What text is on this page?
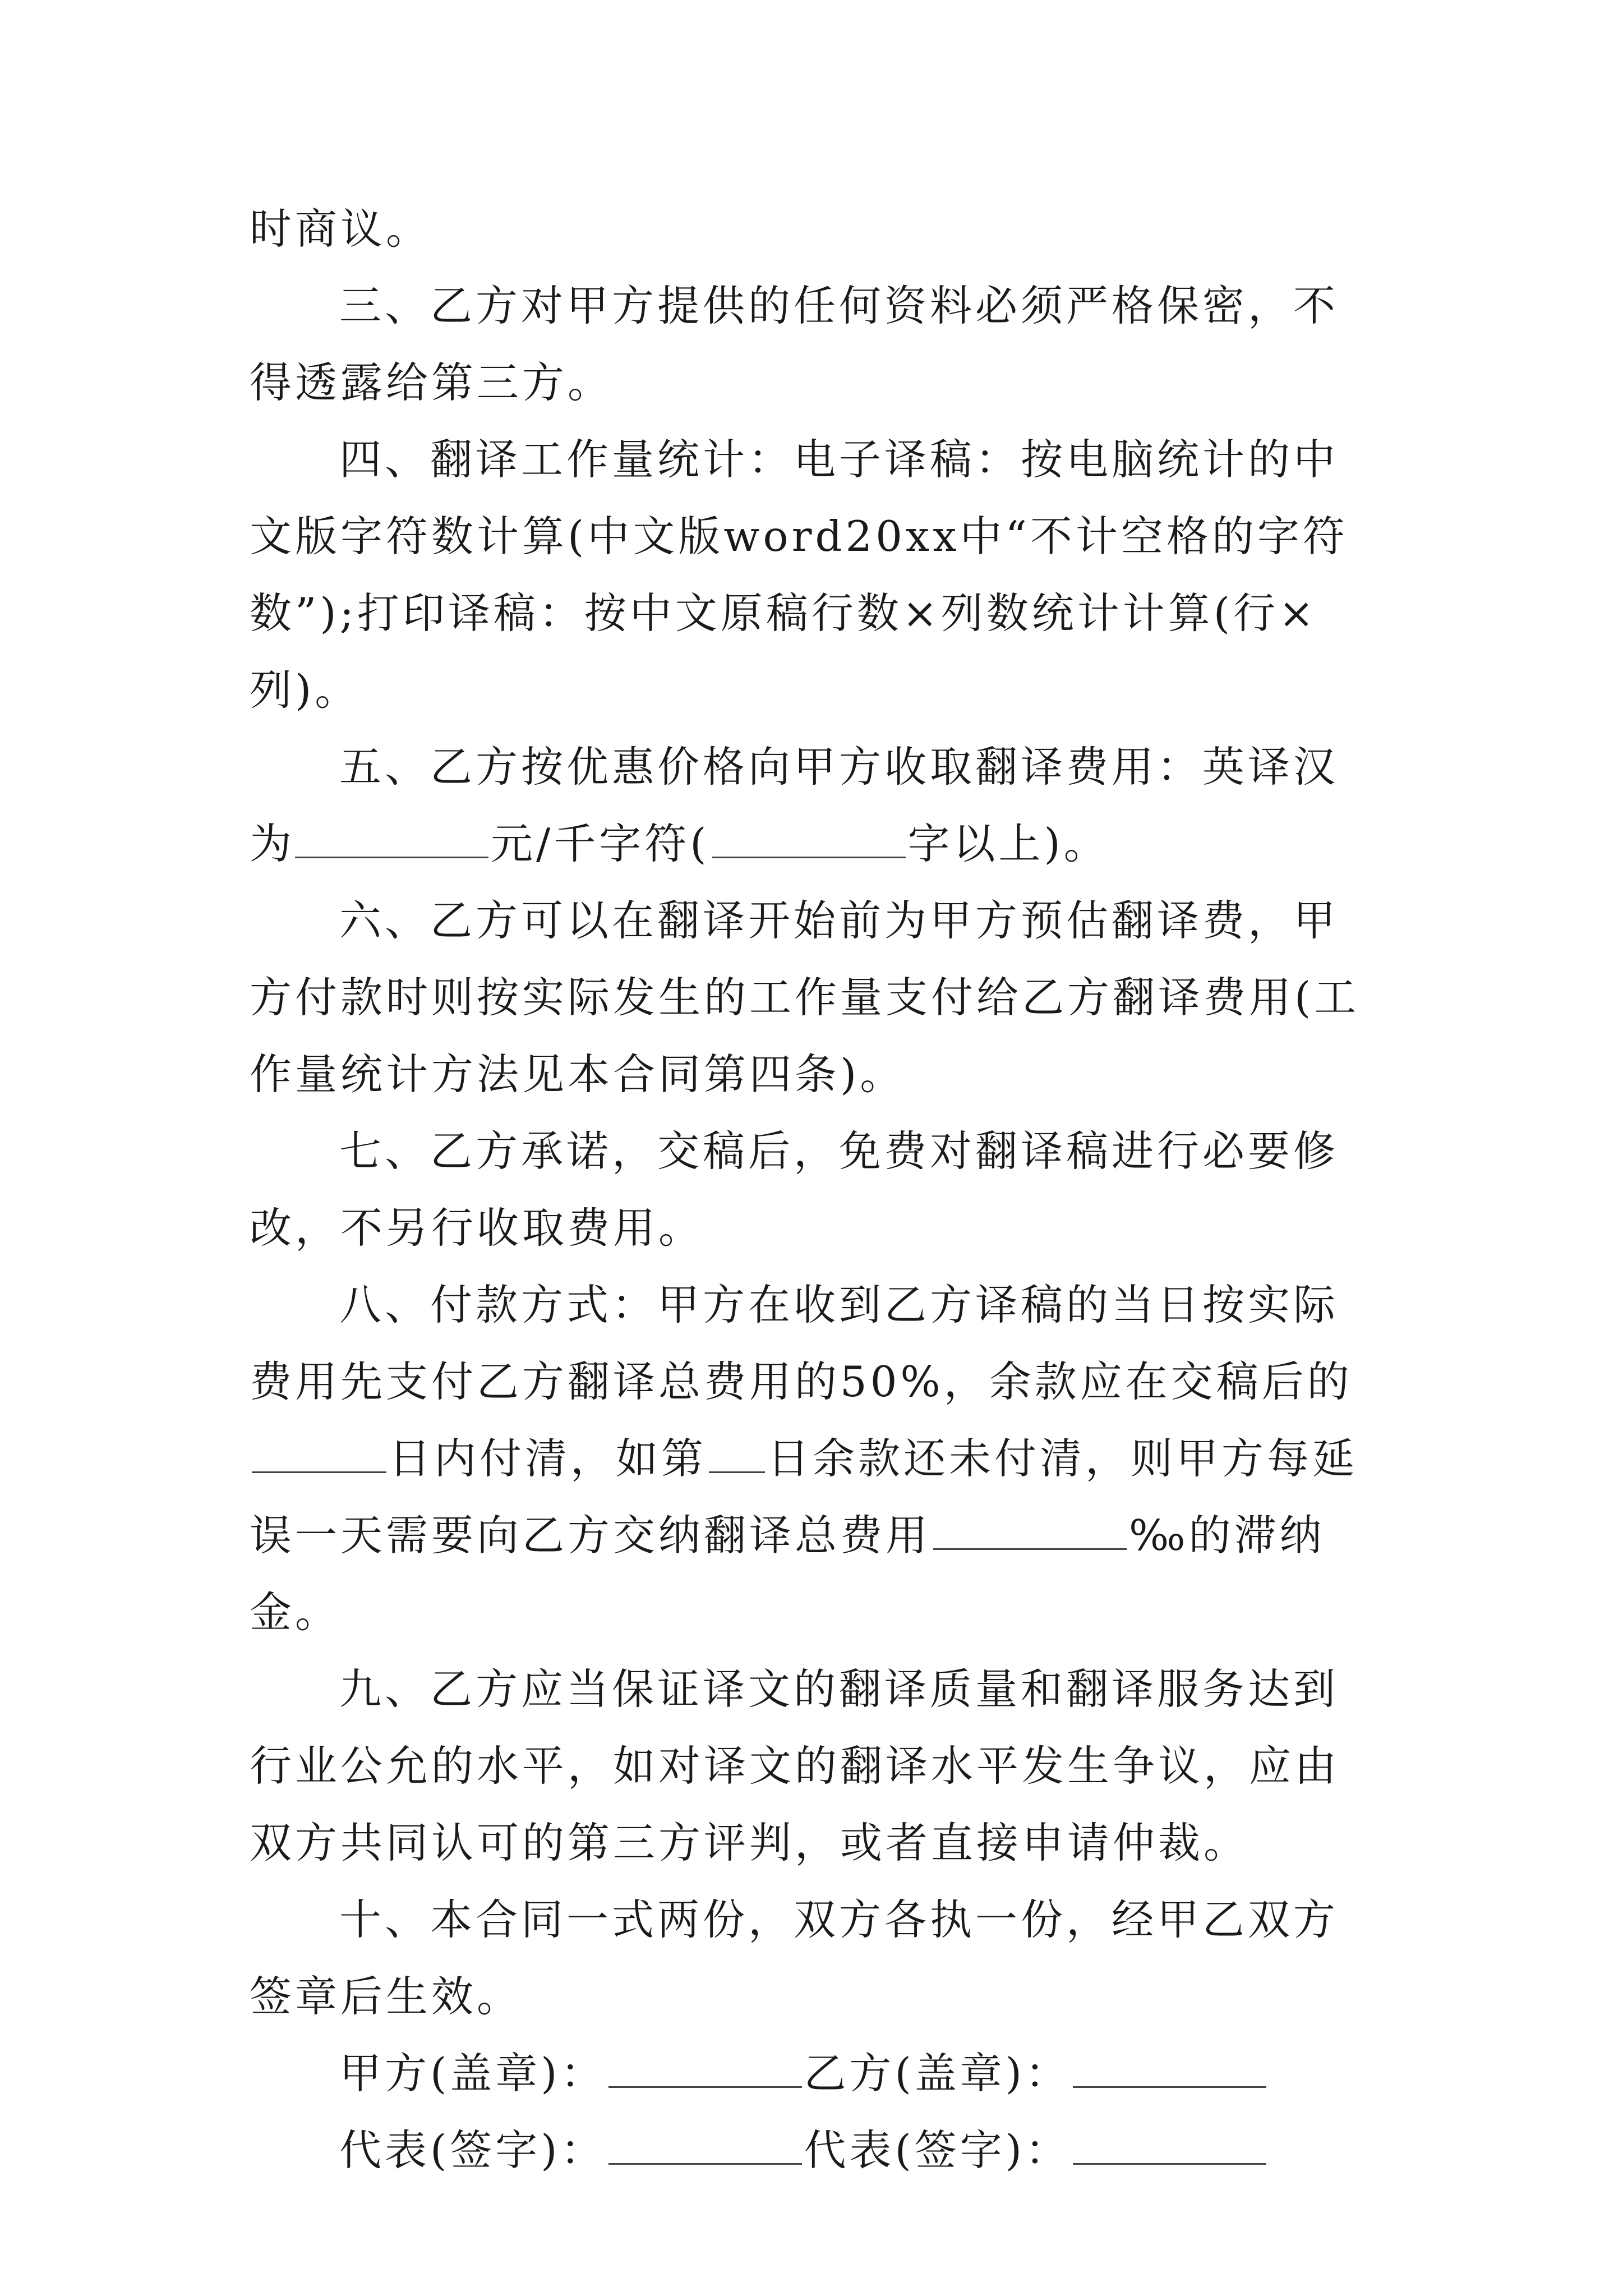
时商议。

三、乙方对甲方提供的任何资料必须严格保密，不得透露给第三方。

四、翻译工作量统计：电子译稿：按电脑统计的中文版字符数计算(中文版word20xx中“不计空格的字符数”);打印译稿：按中文原稿行数×列数统计计算(行×列)。

五、乙方按优惠价格向甲方收取翻译费用：英译汉为	元/千字符(	字以上)。

六、乙方可以在翻译开始前为甲方预估翻译费，甲方付款时则按实际发生的工作量支付给乙方翻译费用(工作量统计方法见本合同第四条)。

七、乙方承诺，交稿后，免费对翻译稿进行必要修改，不另行收取费用。

八、付款方式：甲方在收到乙方译稿的当日按实际费用先支付乙方翻译总费用的50%，余款应在交稿后的日内付清，如第 日余款还未付清，则甲方每延误一天需要向乙方交纳翻译总费用	‰的滞纳金。

九、乙方应当保证译文的翻译质量和翻译服务达到行业公允的水平，如对译文的翻译水平发生争议，应由双方共同认可的第三方评判，或者直接申请仲裁。

十、本合同一式两份，双方各执一份，经甲乙双方签章后生效。

甲方(盖章)：	乙方(盖章)：
代表(签字)：	代表(签字)：
